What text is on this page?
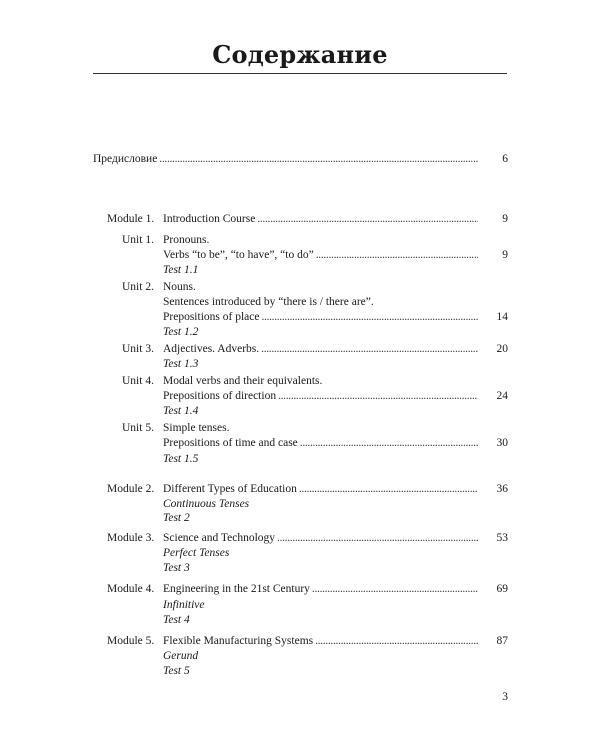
Содержание
Предисловие . . .	6
Module 1. Introduction Course . . .	9
Unit 1. Pronouns.
Verbs “to be”, “to have”, “to do” . . .	9
Test 1.1
Unit 2. Nouns.
Sentences introduced by “there is / there are”.
Prepositions of place . . .	14
Test 1.2
Unit 3. Adjectives. Adverbs. . . .	20
Test 1.3
Unit 4. Modal verbs and their equivalents.
Prepositions of direction . . .	24
Test 1.4
Unit 5. Simple tenses.
Prepositions of time and case . . .	30
Test 1.5
Module 2. Different Types of Education . . .	36
Continuous Tenses
Test 2
Module 3. Science and Technology . . .	53
Perfect Tenses
Test 3
Module 4. Engineering in the 21st Century . . .	69
Infinitive
Test 4
Module 5. Flexible Manufacturing Systems . . .	87
Gerund
Test 5
3
